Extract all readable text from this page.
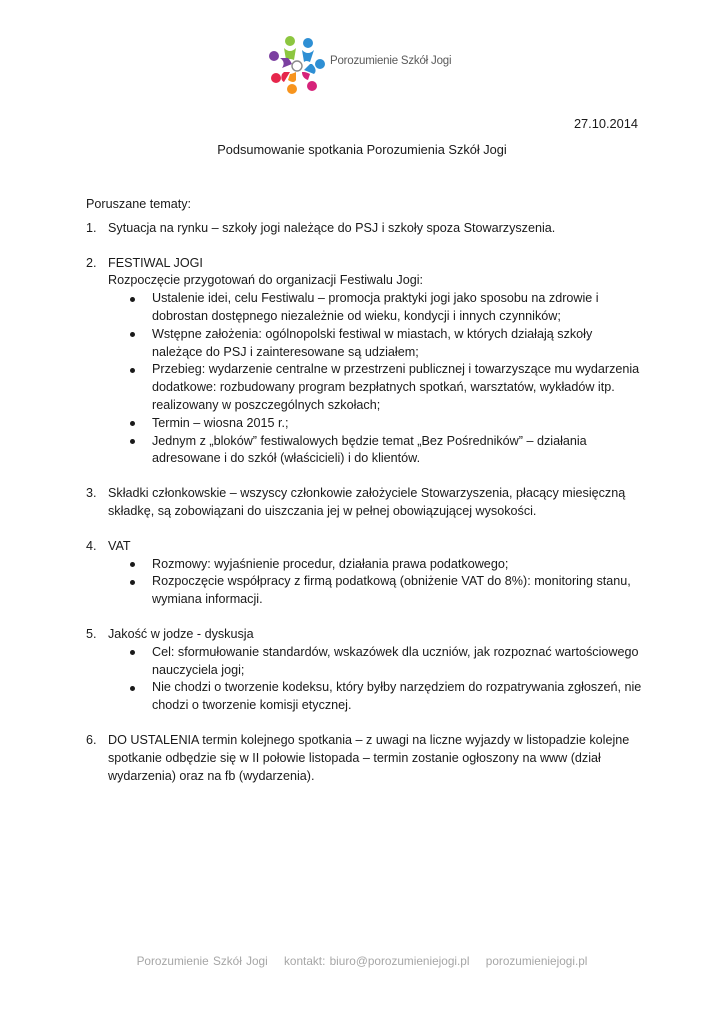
Porozumienie Szkół Jogi
27.10.2014
Podsumowanie spotkania Porozumienia Szkół Jogi
Poruszane tematy:
1. Sytuacja na rynku – szkoły jogi należące do PSJ i szkoły spoza Stowarzyszenia.
2. FESTIWAL JOGI
Rozpoczęcie przygotowań do organizacji Festiwalu Jogi:
Ustalenie idei, celu Festiwalu – promocja praktyki jogi jako sposobu na zdrowie i dobrostan dostępnego niezależnie od wieku, kondycji i innych czynników;
Wstępne założenia: ogólnopolski festiwal w miastach, w których działają szkoły należące do PSJ i zainteresowane są udziałem;
Przebieg: wydarzenie centralne w przestrzeni publicznej i towarzyszące mu wydarzenia dodatkowe: rozbudowany program bezpłatnych spotkań, warsztatów, wykładów itp. realizowany w poszczególnych szkołach;
Termin – wiosna 2015 r.;
Jednym z „bloków” festiwalowych będzie temat „Bez Pośredników” – działania adresowane i do szkół (właścicieli) i do klientów.
3. Składki członkowskie – wszyscy członkowie założyciele Stowarzyszenia, płacący miesięczną składkę, są zobowiązani do uiszczania jej w pełnej obowiązującej wysokości.
4. VAT
Rozmowy: wyjaśnienie procedur, działania prawa podatkowego;
Rozpoczęcie współpracy z firmą podatkową (obniżenie VAT do 8%): monitoring stanu, wymiana informacji.
5. Jakość w jodze - dyskusja
Cel: sformułowanie standardów, wskazówek dla uczniów, jak rozpoznać wartościowego nauczyciela jogi;
Nie chodzi o tworzenie kodeksu, który byłby narzędziem do rozpatrywania zgłoszeń, nie chodzi o tworzenie komisji etycznej.
6. DO USTALENIA termin kolejnego spotkania – z uwagi na liczne wyjazdy w listopadzie kolejne spotkanie odbędzie się w II połowie listopada – termin zostanie ogłoszony na www (dział wydarzenia) oraz na fb (wydarzenia).
Porozumienie Szkół Jogi kontakt: biuro@porozumieniejogi.pl porozumieniejogi.pl
